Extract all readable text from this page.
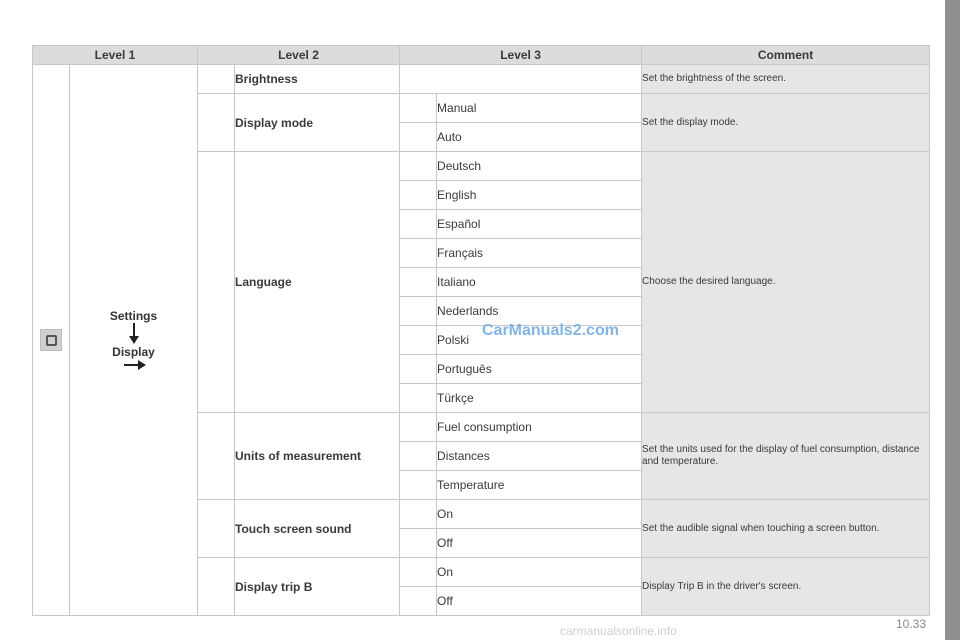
Level 1		Level 2		Level 3		Comment
	Settings
Display		Brightness			Set the brightness of the screen.
			Display mode		Manual	Set the display mode.
					Auto	
			Language		Deutsch	Choose the desired language.
					English	
					Español	
					Français	
					Italiano	
					Nederlands	
					Polski	
					Português	
					Türkçe	
			Units of measurement		Fuel consumption	Set the units used for the display of fuel consumption, distance and temperature.
					Distances	
					Temperature	
			Touch screen sound		On	Set the audible signal when touching a screen button.
					Off	
			Display trip B		On	Display Trip B in the driver's screen.
					Off	
CarManuals2.com
carmanualsonline.info	10.33
